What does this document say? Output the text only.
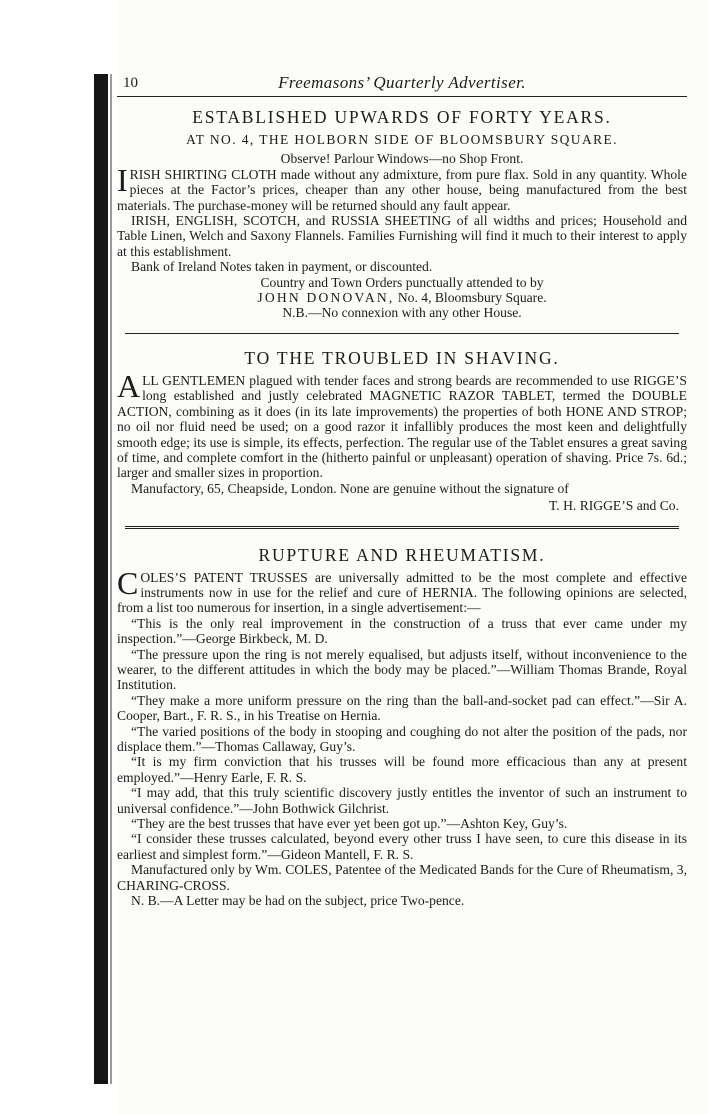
10	Freemasons’ Quarterly Advertiser.
ESTABLISHED UPWARDS OF FORTY YEARS.
AT NO. 4, THE HOLBORN SIDE OF BLOOMSBURY SQUARE.
Observe! Parlour Windows—no Shop Front.

IRISH SHIRTING CLOTH made without any admixture, from pure flax. Sold in any quantity. Whole pieces at the Factor’s prices, cheaper than any other house, being manufactured from the best materials. The purchase-money will be returned should any fault appear.

IRISH, ENGLISH, SCOTCH, and RUSSIA SHEETING of all widths and prices; Household and Table Linen, Welch and Saxony Flannels. Families Furnishing will find it much to their interest to apply at this establishment.

Bank of Ireland Notes taken in payment, or discounted.

Country and Town Orders punctually attended to by
JOHN DONOVAN, No. 4, Bloomsbury Square.
N.B.—No connexion with any other House.
TO THE TROUBLED IN SHAVING.

ALL GENTLEMEN plagued with tender faces and strong beards are recommended to use RIGGE’S long established and justly celebrated MAGNETIC RAZOR TABLET, termed the DOUBLE ACTION, combining as it does (in its late improvements) the properties of both HONE AND STROP; no oil nor fluid need be used; on a good razor it infallibly produces the most keen and delightfully smooth edge; its use is simple, its effects, perfection. The regular use of the Tablet ensures a great saving of time, and complete comfort in the (hitherto painful or unpleasant) operation of shaving. Price 7s. 6d.; larger and smaller sizes in proportion.

Manufactory, 65, Cheapside, London. None are genuine without the signature of

T. H. RIGGE’S and Co.
RUPTURE AND RHEUMATISM.

COLES’S PATENT TRUSSES are universally admitted to be the most complete and effective instruments now in use for the relief and cure of HERNIA. The following opinions are selected, from a list too numerous for insertion, in a single advertisement:—

“This is the only real improvement in the construction of a truss that ever came under my inspection.”—George Birkbeck, M. D.

“The pressure upon the ring is not merely equalised, but adjusts itself, without inconvenience to the wearer, to the different attitudes in which the body may be placed.”—William Thomas Brande, Royal Institution.

“They make a more uniform pressure on the ring than the ball-and-socket pad can effect.”—Sir A. Cooper, Bart., F. R. S., in his Treatise on Hernia.

“The varied positions of the body in stooping and coughing do not alter the position of the pads, nor displace them.”—Thomas Callaway, Guy’s.

“It is my firm conviction that his trusses will be found more efficacious than any at present employed.”—Henry Earle, F. R. S.

“I may add, that this truly scientific discovery justly entitles the inventor of such an instrument to universal confidence.”—John Bothwick Gilchrist.

“They are the best trusses that have ever yet been got up.”—Ashton Key, Guy’s.

“I consider these trusses calculated, beyond every other truss I have seen, to cure this disease in its earliest and simplest form.”—Gideon Mantell, F. R. S.

Manufactured only by Wm. COLES, Patentee of the Medicated Bands for the Cure of Rheumatism, 3, CHARING-CROSS.

N. B.—A Letter may be had on the subject, price Two-pence.
